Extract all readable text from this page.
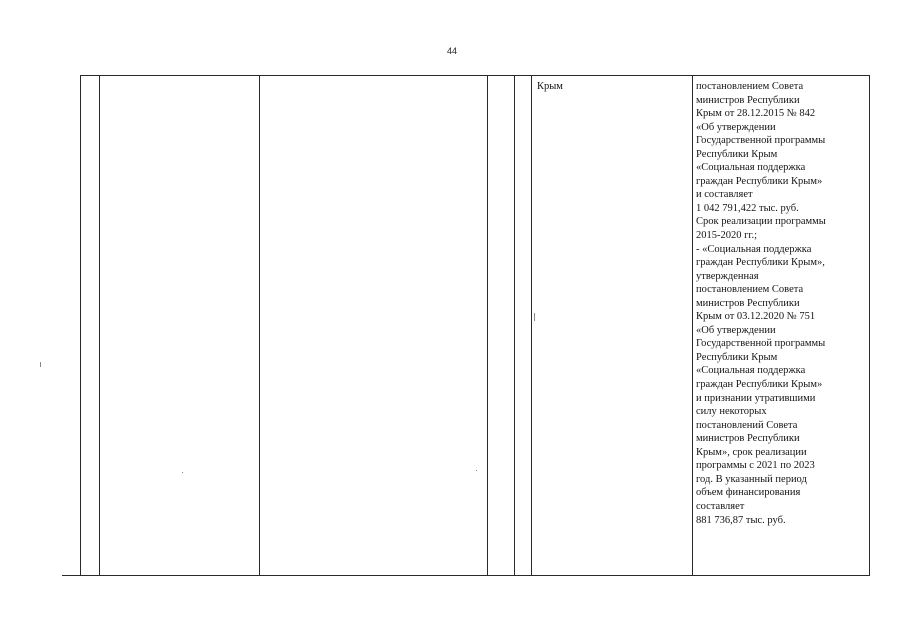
44
Крым	постановлением Совета
министров Республики
Крым от 28.12.2015 № 842
«Об утверждении
Государственной программы
Республики Крым
«Социальная поддержка
граждан Республики Крым»
и составляет
1 042 791,422 тыс. руб.
Срок реализации программы
2015-2020 гг.;
- «Социальная поддержка
граждан Республики Крым»,
утвержденная
постановлением Совета
министров Республики
Крым от 03.12.2020 № 751
«Об утверждении
Государственной программы
Республики Крым
«Социальная поддержка
граждан Республики Крым»
и признании утратившими
силу некоторых
постановлений Совета
министров Республики
Крым», срок реализации
программы с 2021 по 2023
год. В указанный период
объем финансирования
составляет
881 736,87 тыс. руб.
